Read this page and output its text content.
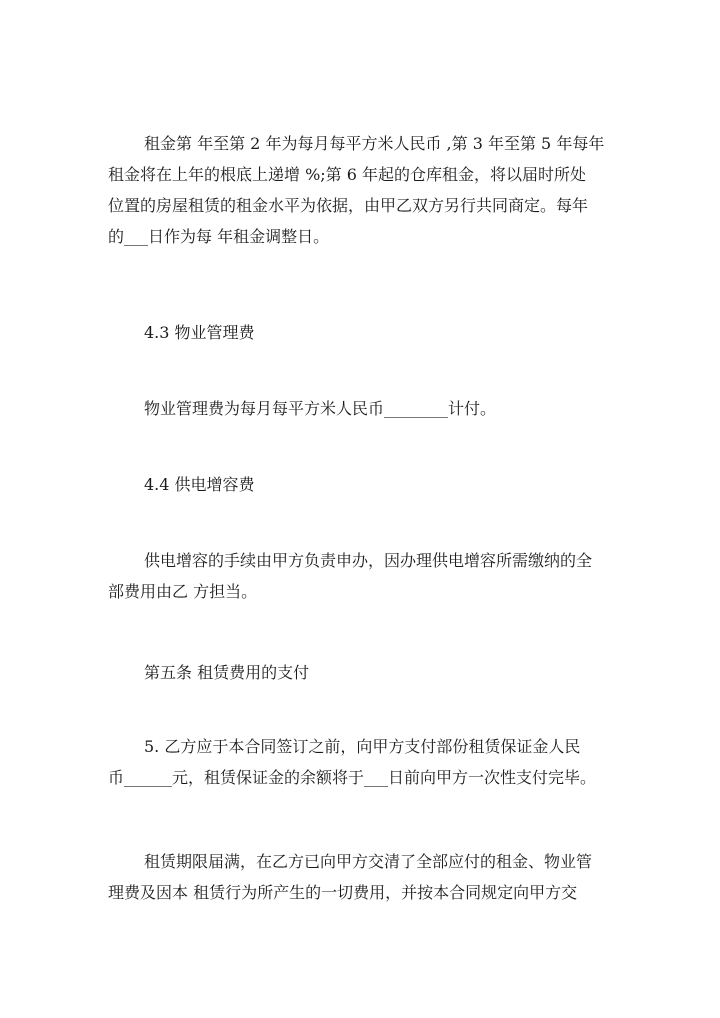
租金第 年至第 2 年为每月每平方米人民币 ,第 3 年至第 5 年每年
租金将在上年的根底上递增 %;第 6 年起的仓库租金，将以届时所处
位置的房屋租赁的租金水平为依据，由甲乙双方另行共同商定。每年
的___日作为每 年租金调整日。
4.3 物业管理费
物业管理费为每月每平方米人民币________计付。
4.4 供电增容费
供电增容的手续由甲方负责申办，因办理供电增容所需缴纳的全
部费用由乙 方担当。
第五条 租赁费用的支付
5. 乙方应于本合同签订之前，向甲方支付部份租赁保证金人民
币______元，租赁保证金的余额将于___日前向甲方一次性支付完毕。
租赁期限届满，在乙方已向甲方交清了全部应付的租金、物业管
理费及因本 租赁行为所产生的一切费用，并按本合同规定向甲方交
